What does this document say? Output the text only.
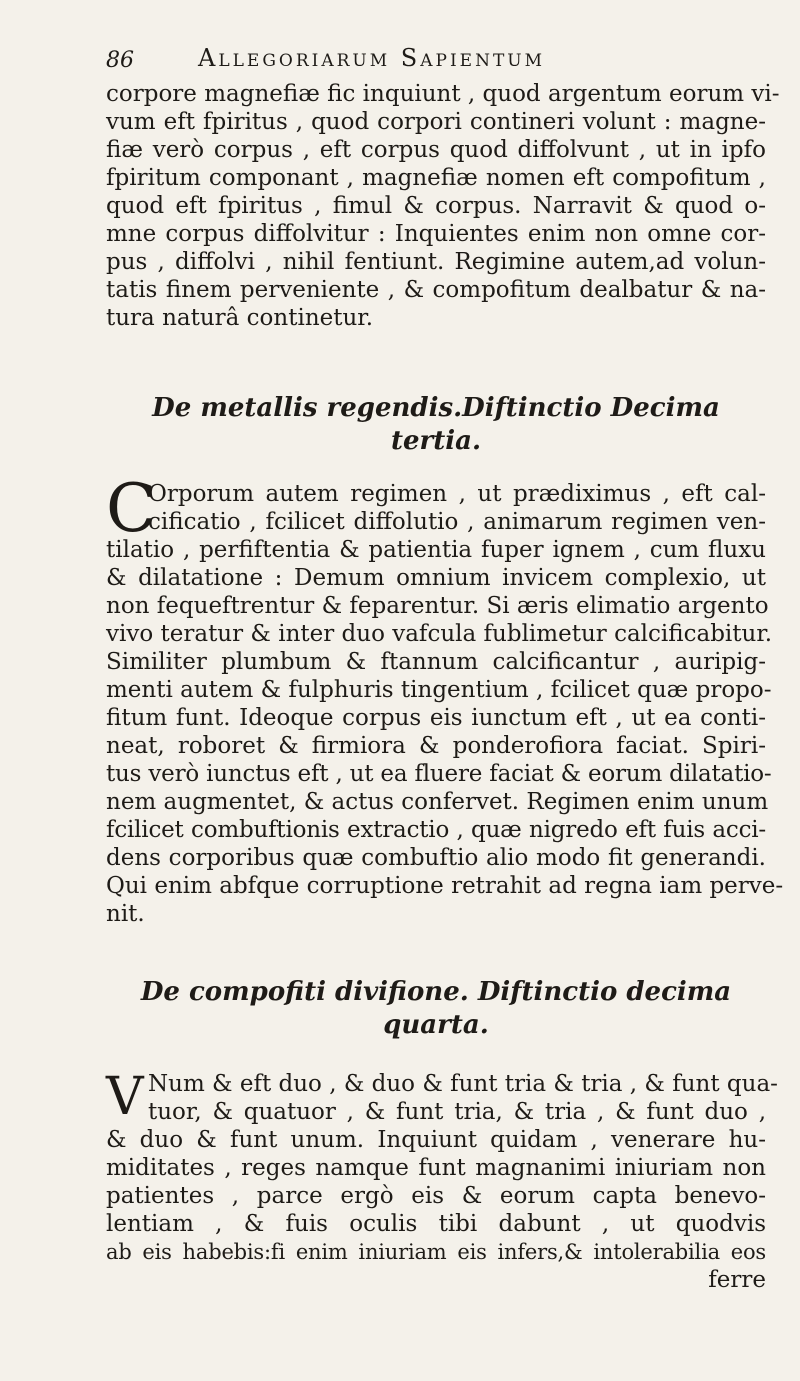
86	Allegoriarum Sapientum
corpore magnefiæ fic inquiunt , quod argentum eorum vi-
vum eft fpiritus , quod corpori contineri volunt : magne-
fiæ verò corpus , eft corpus quod diffolvunt , ut in ipfo
fpiritum componant , magnefiæ nomen eft compofitum ,
quod eft fpiritus , fimul & corpus. Narravit & quod o-
mne corpus diffolvitur : Inquientes enim non omne cor-
pus , diffolvi , nihil fentiunt. Regimine autem,ad volun-
tatis finem perveniente , & compofitum dealbatur & na-
tura naturâ continetur.
De metallis regendis.Diftinctio Decima
tertia.
C
Orporum autem regimen , ut prædiximus , eft cal-
cificatio , fcilicet diffolutio , animarum regimen ven-
tilatio , perfiftentia & patientia fuper ignem , cum fluxu
& dilatatione : Demum omnium invicem complexio, ut
non fequeftrentur & feparentur. Si æris elimatio argento
vivo teratur & inter duo vafcula fublimetur calcificabitur.
Similiter plumbum & ftannum calcificantur , auripig-
menti autem & fulphuris tingentium , fcilicet quæ propo-
fitum funt. Ideoque corpus eis iunctum eft , ut ea conti-
neat, roboret & firmiora & ponderofiora faciat. Spiri-
tus verò iunctus eft , ut ea fluere faciat & eorum dilatatio-
nem augmentet, & actus confervet. Regimen enim unum
fcilicet combuftionis extractio , quæ nigredo eft fuis acci-
dens corporibus quæ combuftio alio modo fit generandi.
Qui enim abfque corruptione retrahit ad regna iam perve-
nit.
De compofiti divifione. Diftinctio decima
quarta.
V Num & eft duo , & duo & funt tria & tria , & funt qua-
tuor, & quatuor , & funt tria, & tria , & funt duo ,
& duo & funt unum. Inquiunt quidam , venerare hu-
miditates , reges namque funt magnanimi iniuriam non
patientes , parce ergò eis & eorum capta benevo-
lentiam , & fuis oculis tibi dabunt , ut quodvis
ab eis habebis:fi enim iniuriam eis infers,& intolerabilia eos
ferre
